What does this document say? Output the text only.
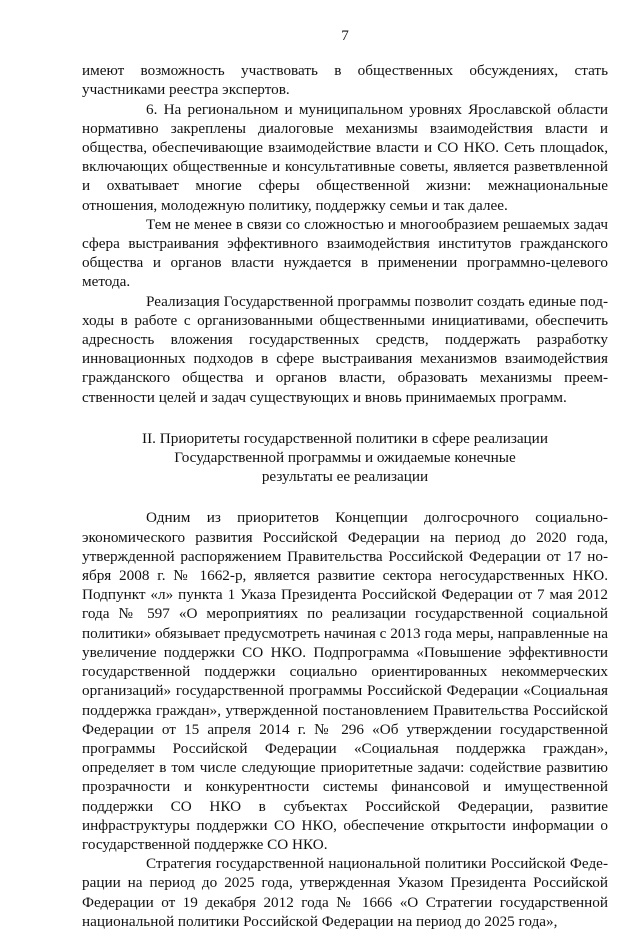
7

имеют возможность участвовать в общественных обсуждениях, стать участниками реестра экспертов.

6. На региональном и муниципальном уровнях Ярославской области нормативно закреплены диалоговые механизмы взаимодействия власти и общества, обеспечивающие взаимодействие власти и СО НКО. Сеть площаdок, включающих общественные и консультативные советы, является разветвленной и охватывает многие сферы общественной жизни: межнациональные отношения, молодежную политику, поддержку семьи и так далее.

Тем не менее в связи со сложностью и многообразием решаемых задач сфера выстраивания эффективного взаимодействия институтов гражданского общества и органов власти нуждается в применении программно-целевого метода.

Реализация Государственной программы позволит создать единые подходы в работе с организованными общественными инициативами, обеспечить адресность вложения государственных средств, поддержать разработку инновационных подходов в сфере выстраивания механизмов взаимодействия гражданского общества и органов власти, образовать механизмы преемственности целей и задач существующих и вновь принимаемых программ.

II. Приоритеты государственной политики в сфере реализации
Государственной программы и ожидаемые конечные
результаты ее реализации

Одним из приоритетов Концепции долгосрочного социально-экономического развития Российской Федерации на период до 2020 года, утвержденной распоряжением Правительства Российской Федерации от 17 ноября 2008 г. № 1662-р, является развитие сектора негосударственных НКО. Подпункт «л» пункта 1 Указа Президента Российской Федерации от 7 мая 2012 года № 597 «О мероприятиях по реализации государственной социальной политики» обязывает предусмотреть начиная с 2013 года меры, направленные на увеличение поддержки СО НКО. Подпрограмма «Повышение эффективности государственной поддержки социально ориентированных некоммерческих организаций» государственной программы Российской Федерации «Социальная поддержка граждан», утвержденной постановлением Правительства Российской Федерации от 15 апреля 2014 г. № 296 «Об утверждении государственной программы Российской Федерации «Социальная поддержка граждан», определяет в том числе следующие приоритетные задачи: содействие развитию прозрачности и конкурентности системы финансовой и имущественной поддержки СО НКО в субъектах Российской Федерации, развитие инфраструктуры поддержки СО НКО, обеспечение открытости информации о государственной поддержке СО НКО.

Стратегия государственной национальной политики Российской Федерации на период до 2025 года, утвержденная Указом Президента Российской Федерации от 19 декабря 2012 года № 1666 «О Стратегии государственной национальной политики Российской Федерации на период до 2025 года»,
